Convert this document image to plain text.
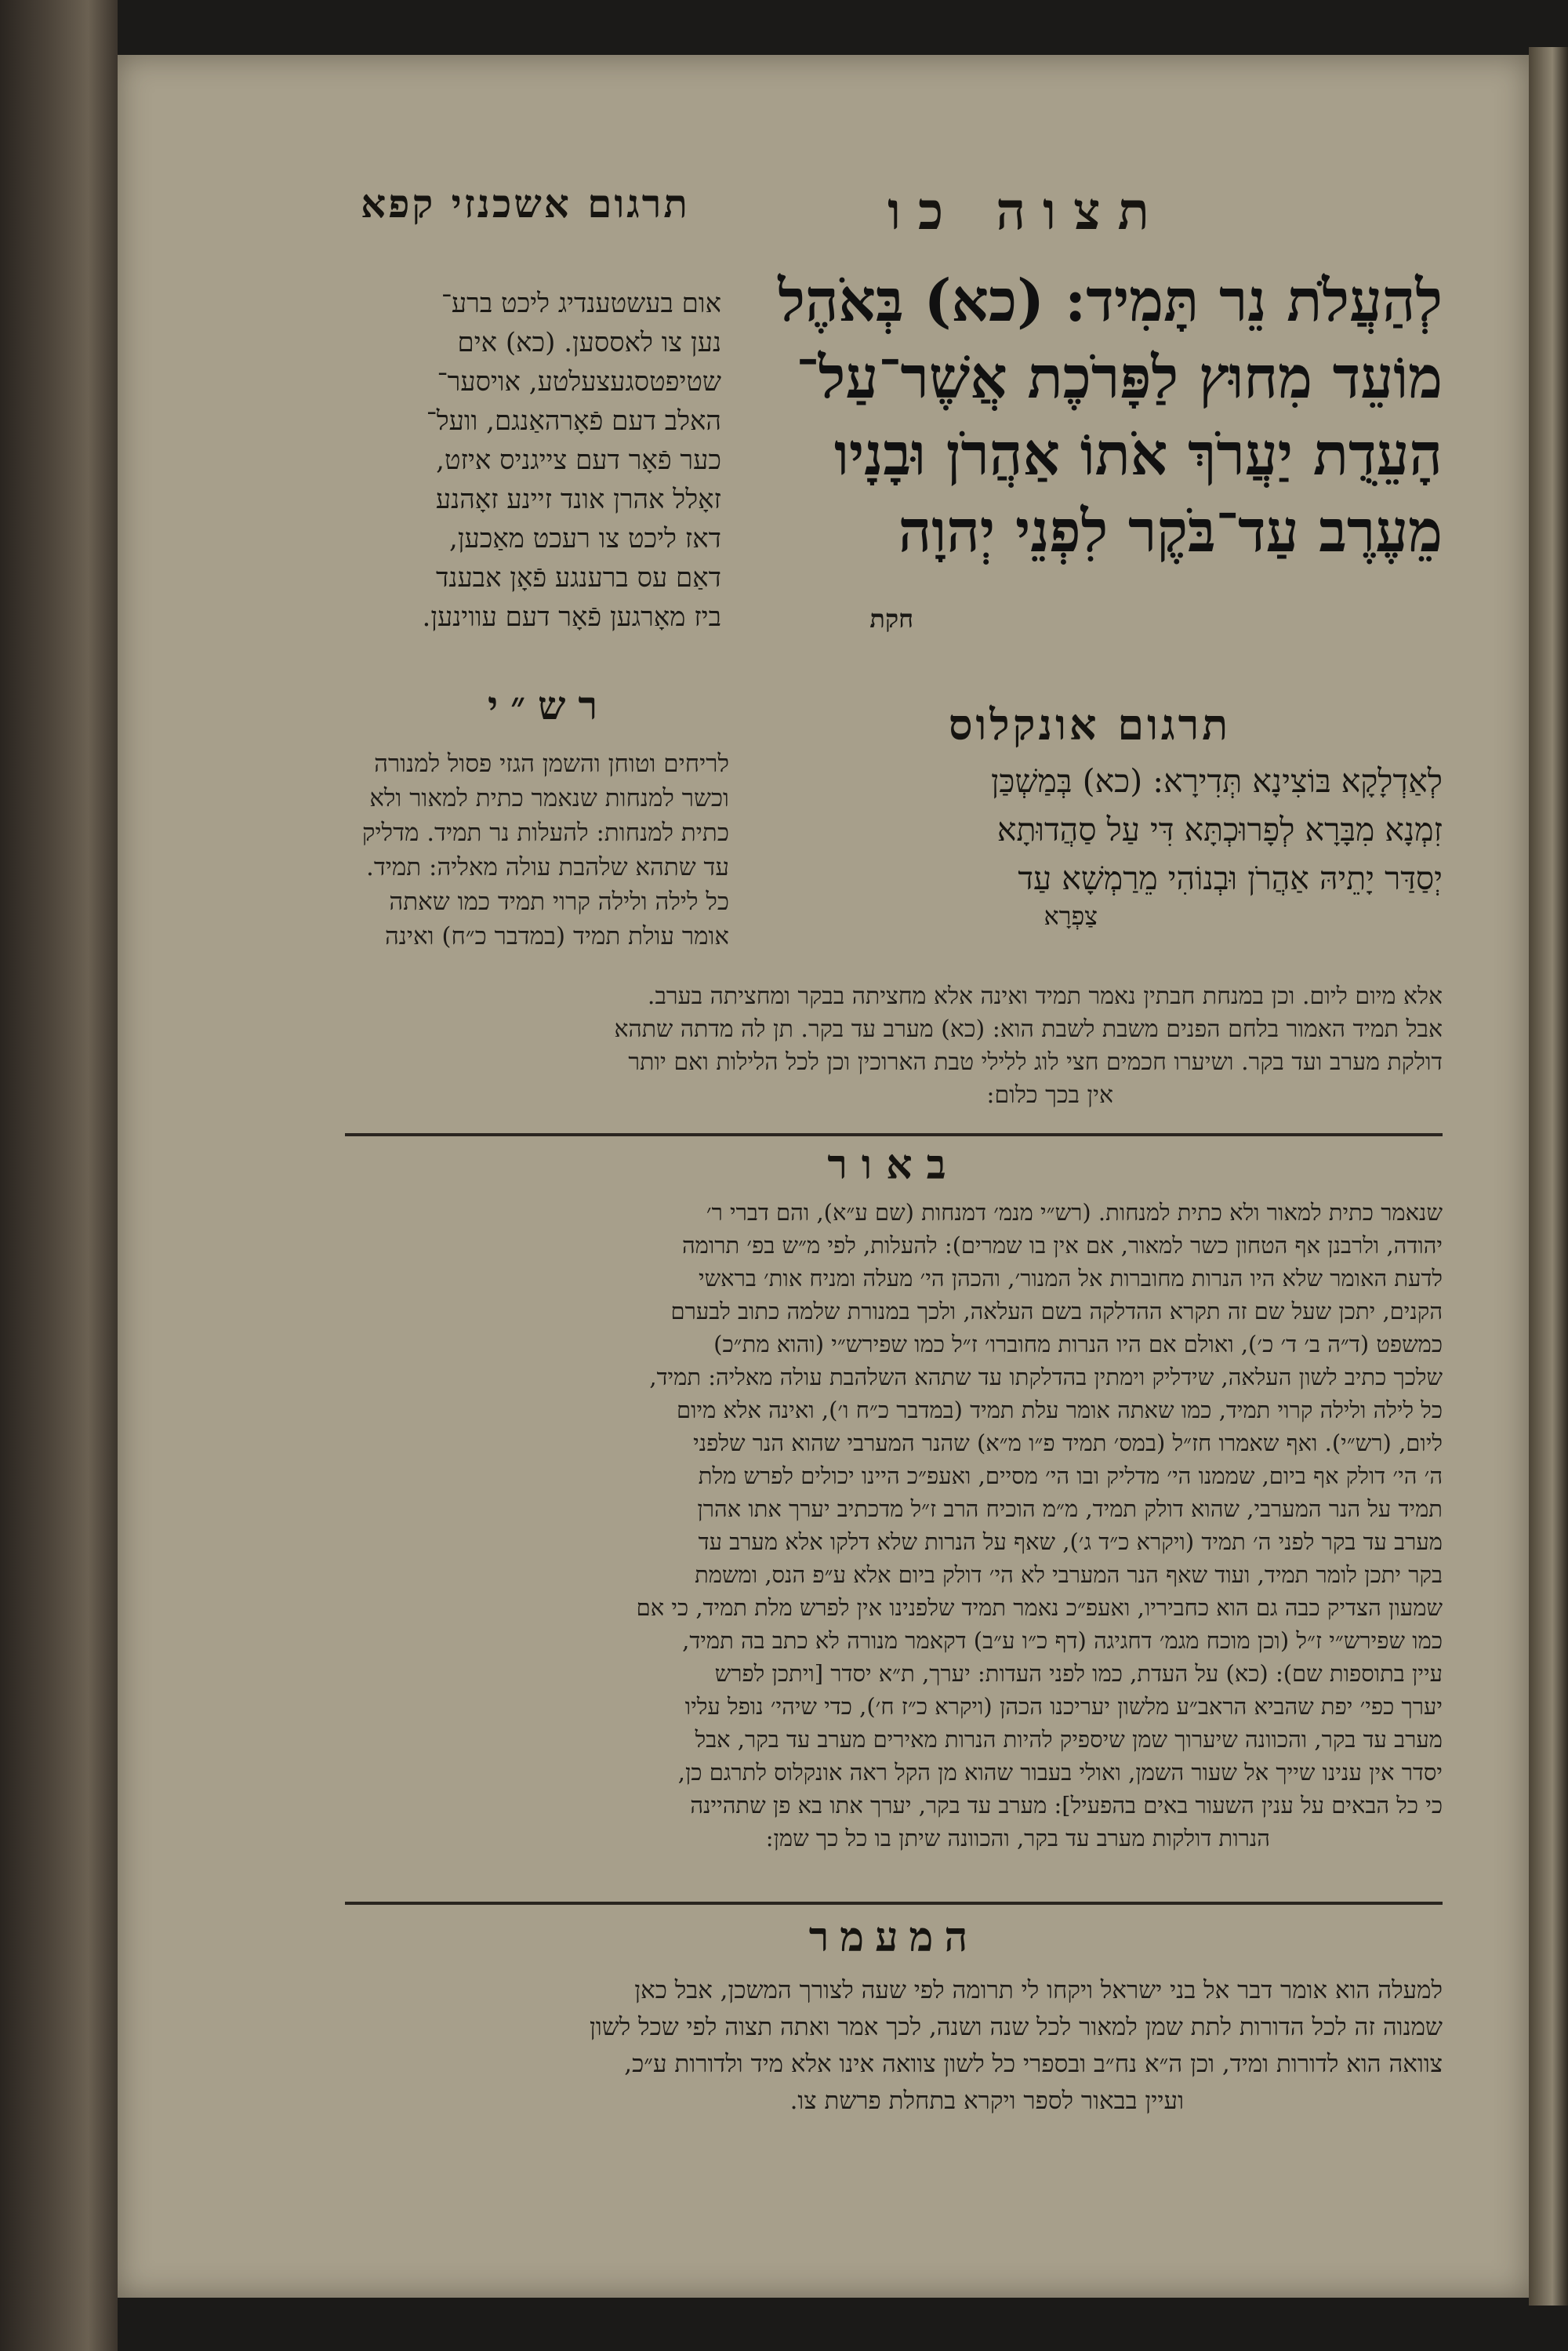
תצוה כו
תרגום אשכנזי קפא
לְהַעֲלֹת נֵר תָּמִיד: (כא) בְּאֹהֶל
מוֹעֵד מִחוּץ לַפָּרֹכֶת אֲשֶׁר־עַל־
הָעֵדֻת יַעֲרֹךְ אֹתוֹ אַהֲרֹן וּבָנָיו
מֵעֶרֶב עַד־בֹּקֶר לִפְנֵי יְהוָה
חקת
אום בעשטענדיג ליכט ברע־
נען צו לאססען. (כא) אים
שטיפטסגעצעלטע, אויסער־
האלב דעם פֿאָרהאַנגם, וועל־
כער פֿאָר דעם צייגניס איזט,
זאָלל אהרן אונד זיינע זאָהנע
דאז ליכט צו רעכט מאַכען,
דאַם עס ברענגע פֿאָן אבענד
ביז מאָרגען פֿאָר דעם עווינען.
רש״י
לריחים וטוחן והשמן הגזי פסול למנורה
וכשר למנחות שנאמר כתית למאור ולא
כתית למנחות: להעלות נר תמיד. מדליק
עד שתהא שלהבת עולה מאליה: תמיד.
כל לילה ולילה קרוי תמיד כמו שאתה
אומר עולת תמיד (במדבר כ״ח) ואינה
תרגום אונקלוס
לְאַדְלָקָא בּוֹצִינָא תְּדִירָא: (כא) בְּמַשְׁכַּן
זִמְנָא מִבָּרָא לְפָרוּכְתָּא דִּי עַל סַהֲדוּתָא
יְסַדַּר יָתֵיהּ אַהֲרֹן וּבְנוֹהִי מֵרַמְשָׁא עַד
צַפְרָא
אלא מיום ליום. וכן במנחת חבתין נאמר תמיד ואינה אלא מחציתה בבקר ומחציתה בערב.
אבל תמיד האמור בלחם הפנים משבת לשבת הוא: (כא) מערב עד בקר. תן לה מדתה שתהא
דולקת מערב ועד בקר. ושיערו חכמים חצי לוג ללילי טבת הארוכין וכן לכל הלילות ואם יותר
אין בכך כלום:
באור
שנאמר כתית למאור ולא כתית למנחות. (רש״י מנמ׳ דמנחות (שם ע״א), והם דברי ר׳
יהודה, ולרבנן אף הטחון כשר למאור, אם אין בו שמרים): להעלות, לפי מ״ש בפ׳ תרומה
לדעת האומר שלא היו הנרות מחוברות אל המנור׳, והכהן הי׳ מעלה ומניח אות׳ בראשי
הקנים, יתכן שעל שם זה תקרא ההדלקה בשם העלאה, ולכך במנורת שלמה כתוב לבערם
כמשפט (ד״ה ב׳ ד׳ כ׳), ואולם אם היו הנרות מחוברו׳ ז״ל כמו שפירש״י (והוא מת״כ)
שלכך כתיב לשון העלאה, שידליק וימתין בהדלקתו עד שתהא השלהבת עולה מאליה: תמיד,
כל לילה ולילה קרוי תמיד, כמו שאתה אומר עלת תמיד (במדבר כ״ח ו׳), ואינה אלא מיום
ליום, (רש״י). ואף שאמרו חז״ל (במס׳ תמיד פ״ו מ״א) שהנר המערבי שהוא הנר שלפני
ה׳ הי׳ דולק אף ביום, שממנו הי׳ מדליק ובו הי׳ מסיים, ואעפ״כ היינו יכולים לפרש מלת
תמיד על הנר המערבי, שהוא דולק תמיד, מ״מ הוכיח הרב ז״ל מדכתיב יערך אתו אהרן
מערב עד בקר לפני ה׳ תמיד (ויקרא כ״ד ג׳), שאף על הנרות שלא דלקו אלא מערב עד
בקר יתכן לומר תמיד, ועוד שאף הנר המערבי לא הי׳ דולק ביום אלא ע״פ הנס, ומשמת
שמעון הצדיק כבה גם הוא כחביריו, ואעפ״כ נאמר תמיד שלפנינו אין לפרש מלת תמיד, כי אם
כמו שפירש״י ז״ל (וכן מוכח מגמ׳ דחגיגה (דף כ״ו ע״ב) דקאמר מנורה לא כתב בה תמיד,
עיין בתוספות שם): (כא) על העדת, כמו לפני העדות: יערך, ת״א יסדר [ויתכן לפרש
יערך כפי׳ יפת שהביא הראב״ע מלשון יעריכנו הכהן (ויקרא כ״ז ח׳), כדי שיהי׳ נופל עליו
מערב עד בקר, והכוונה שיערוך שמן שיספיק להיות הנרות מאירים מערב עד בקר, אבל
יסדר אין ענינו שייך אל שעור השמן, ואולי בעבור שהוא מן הקל ראה אונקלוס לתרגם כן,
כי כל הבאים על ענין השעור באים בהפעיל]: מערב עד בקר, יערך אתו בא פן שתהיינה
הנרות דולקות מערב עד בקר, והכוונה שיתן בו כל כך שמן:
המעמר
למעלה הוא אומר דבר אל בני ישראל ויקחו לי תרומה לפי שעה לצורך המשכן, אבל כאן
שמנוה זה לכל הדורות לתת שמן למאור לכל שנה ושנה, לכך אמר ואתה תצוה לפי שכל לשון
צוואה הוא לדורות ומיד, וכן ה״א נח״ב ובספרי כל לשון צוואה אינו אלא מיד ולדורות ע״כ,
ועיין בבאור לספר ויקרא בתחלת פרשת צו.
